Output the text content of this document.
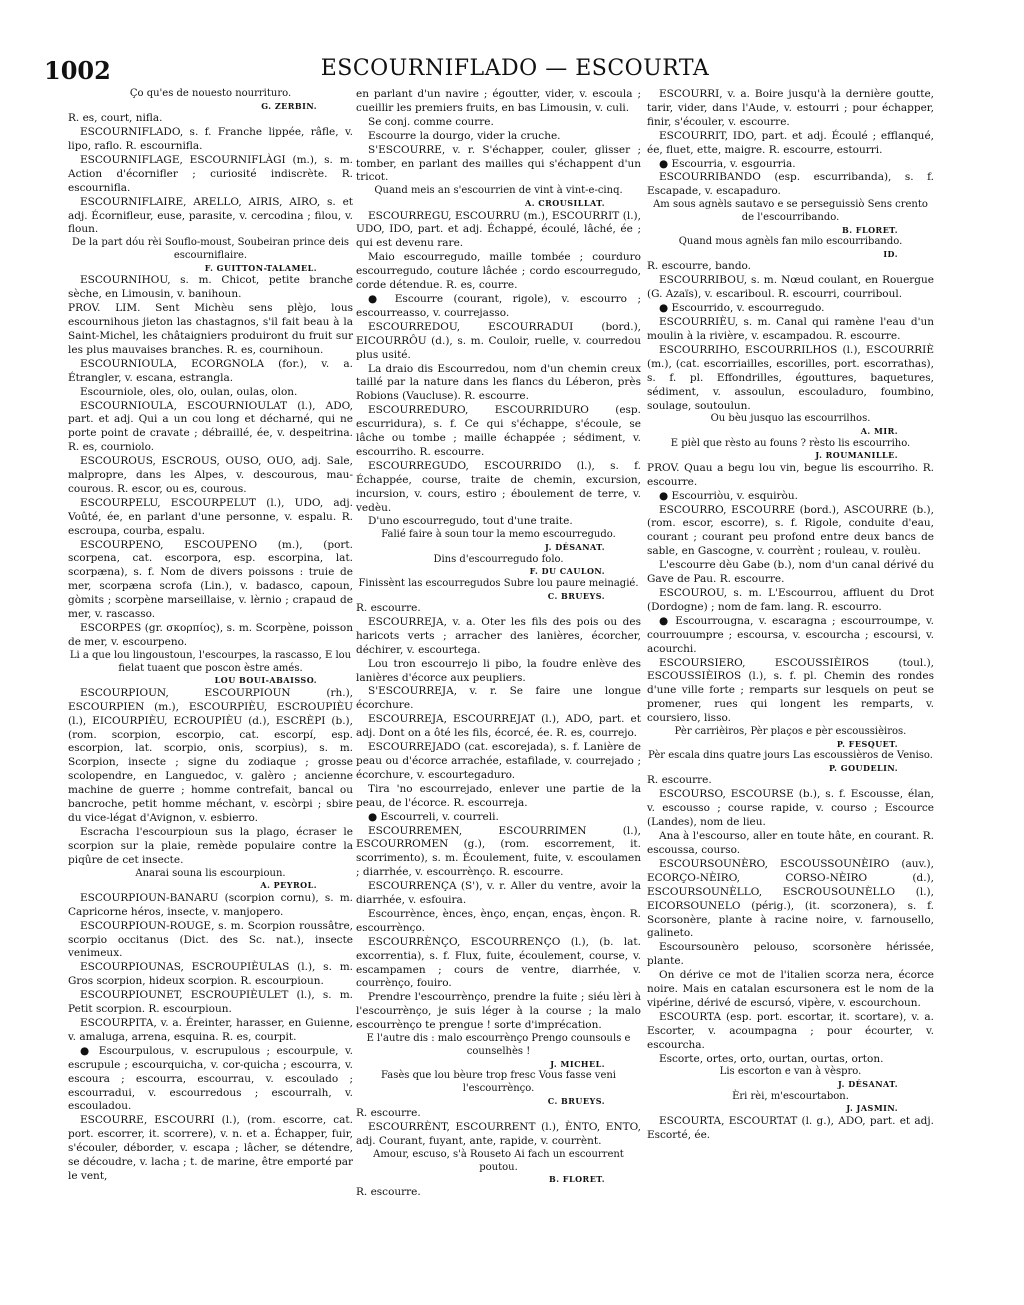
1002	ESCOURNIFLADO — ESCOURTA

Ço qu'es de nouesto nourrituro.

G. ZERBIN.

R. es, court, nifla.

ESCOURNIFLADO, s. f. Franche lippée, râfle, v. lipo, raflo. R. escournifla.

ESCOURNIFLAGE, ESCOURNIFLÀGI (m.), s. m. Action d'écornifler ; curiosité indiscrète. R. escournifla.

ESCOURNIFLAIRE, ARELLO, AIRIS, AIRO, s. et adj. Écornifleur, euse, parasite, v. cercodina ; filou, v. floun.

De la part dóu rèi Souflo-moust, Soubeiran prince deis escourniflaire.

F. GUITTON-TALAMEL.

ESCOURNIHOU, s. m. Chicot, petite branche sèche, en Limousin, v. banihoun.

PROV. LIM. Sent Michèu sens plèjo, lous escournihous jieton las chastagnos, s'il fait beau à la Saint-Michel, les châtaigniers produiront du fruit sur les plus mauvaises branches. R. es, cournihoun.

ESCOURNIOULA, ECORGNOLA (for.), v. a. Étrangler, v. escana, estrangla.

Escourniole, oles, olo, oulan, oulas, olon.

ESCOURNIOULA, ESCOURNIOULAT (l.), ADO, part. et adj. Qui a un cou long et décharné, qui ne porte point de cravate ; débraillé, ée, v. despeitrina. R. es, courniolo.

ESCOUROUS, ESCROUS, OUSO, OUO, adj. Sale, malpropre, dans les Alpes, v. descourous, mau-courous. R. escor, ou es, courous.

ESCOURPELU, ESCOURPELUT (l.), UDO, adj. Voûté, ée, en parlant d'une personne, v. espalu. R. escroupa, courba, espalu.

ESCOURPENO, ESCOUPENO (m.), (port. scorpena, cat. escorpora, esp. escorpina, lat. scorpæna), s. f. Nom de divers poissons : truie de mer, scorpæna scrofa (Lin.), v. badasco, capoun, gòmits ; scorpène marseillaise, v. lèrnio ; crapaud de mer, v. rascasso.

ESCORPES (gr. σκορπίος), s. m. Scorpène, poisson de mer, v. escourpeno.

Li a que lou lingoustoun, l'escourpes, la rascasso, E lou fielat tuaent que poscon èstre amés.

LOU BOUI-ABAISSO.

ESCOURPIOUN, ESCOURPIOUN (rh.), ESCOURPIEN (m.), ESCOURPIÈU, ESCROUPIÈU (l.), EICOURPIÈU, ECROUPIÈU (d.), ESCRÈPI (b.), (rom. scorpion, escorpio, cat. escorpí, esp. escorpion, lat. scorpio, onis, scorpius), s. m. Scorpion, insecte ; signe du zodiaque ; grosse scolopendre, en Languedoc, v. galèro ; ancienne machine de guerre ; homme contrefait, bancal ou bancroche, petit homme méchant, v. escòrpi ; sbire du vice-légat d'Avignon, v. esbierro.

Escracha l'escourpioun sus la plago, écraser le scorpion sur la plaie, remède populaire contre la piqûre de cet insecte.

Anarai souna lis escourpioun.

A. PEYROL.

ESCOURPIOUN-BANARU (scorpion cornu), s. m. Capricorne héros, insecte, v. manjopero.

ESCOURPIOUN-ROUGE, s. m. Scorpion roussâtre, scorpio occitanus (Dict. des Sc. nat.), insecte venimeux.

ESCOURPIOUNAS, ESCROUPIÈULAS (l.), s. m. Gros scorpion, hideux scorpion. R. escourpioun.

ESCOURPIOUNET, ESCROUPIÈULET (l.), s. m. Petit scorpion. R. escourpioun.

ESCOURPITA, v. a. Éreinter, harasser, en Guienne, v. amaluga, arrena, esquina. R. es, courpit.

● Escourpulous, v. escrupulous ; escourpule, v. escrupule ; escourquicha, v. cor-quicha ; escourra, v. escoura ; escourra, escourrau, v. escoulado ; escourradui, v. escourredous ; escourralh, v. escouladou.

ESCOURRE, ESCOURRI (l.), (rom. escorre, cat. port. escorrer, it. scorrere), v. n. et a. Échapper, fuir, s'écouler, déborder, v. escapa ; lâcher, se détendre, se découdre, v. lacha ; t. de marine, être emporté par le vent,

en parlant d'un navire ; égoutter, vider, v. escoula ; cueillir les premiers fruits, en bas Limousin, v. culi.

Se conj. comme courre.

Escourre la dourgo, vider la cruche.

S'ESCOURRE, v. r. S'échapper, couler, glisser ; tomber, en parlant des mailles qui s'échappent d'un tricot.

Quand meis an s'escourrien de vint à vint-e-cinq.

A. CROUSILLAT.

ESCOURREGU, ESCOURRU (m.), ESCOURRIT (l.), UDO, IDO, part. et adj. Échappé, écoulé, lâché, ée ; qui est devenu rare.

Maio escourregudo, maille tombée ; courduro escourregudo, couture lâchée ; cordo escourregudo, corde détendue. R. es, courre.

● Escourre (courant, rigole), v. escourro ; escourreasso, v. courrejasso.

ESCOURREDOU, ESCOURRADUI (bord.), EICOURRÔU (d.), s. m. Couloir, ruelle, v. courredou plus usité.

La draio dis Escourredou, nom d'un chemin creux taillé par la nature dans les flancs du Léberon, près Robions (Vaucluse). R. escourre.

ESCOURREDURO, ESCOURRIDURO (esp. escurridura), s. f. Ce qui s'échappe, s'écoule, se lâche ou tombe ; maille échappée ; sédiment, v. escourriho. R. escourre.

ESCOURREGUDO, ESCOURRIDO (l.), s. f. Échappée, course, traite de chemin, excursion, incursion, v. cours, estiro ; éboulement de terre, v. vedèu.

D'uno escourregudo, tout d'une traite.

Falié faire à soun tour la memo escourregudo.

J. DÉSANAT.

Dins d'escourregudo folo.

F. DU CAULON.

Finissènt las escourregudos Subre lou paure meinagié.

C. BRUEYS.

R. escourre.

ESCOURREJA, v. a. Oter les fils des pois ou des haricots verts ; arracher des lanières, écorcher, déchirer, v. escourtega.

Lou tron escourrejo li pibo, la foudre enlève des lanières d'écorce aux peupliers.

S'ESCOURREJA, v. r. Se faire une longue écorchure.

ESCOURREJA, ESCOURREJAT (l.), ADO, part. et adj. Dont on a ôté les fils, écorcé, ée. R. es, courrejo.

ESCOURREJADO (cat. escorejada), s. f. Lanière de peau ou d'écorce arrachée, estafilade, v. courrejado ; écorchure, v. escourtegaduro.

Tira 'no escourrejado, enlever une partie de la peau, de l'écorce. R. escourreja.

● Escourreli, v. courreli.

ESCOURREMEN, ESCOURRIMEN (l.), ESCOURROMEN (g.), (rom. escorrement, it. scorrimento), s. m. Écoulement, fuite, v. escoulamen ; diarrhée, v. escourrènço. R. escourre.

ESCOURRENÇA (S'), v. r. Aller du ventre, avoir la diarrhée, v. esfouira.

Escourrènce, ènces, ènço, ençan, enças, ènçon. R. escourrènço.

ESCOURRÈNÇO, ESCOURRENÇO (l.), (b. lat. excorrentia), s. f. Flux, fuite, écoulement, course, v. escampamen ; cours de ventre, diarrhée, v. courrènço, fouiro.

Prendre l'escourrènço, prendre la fuite ; siéu lèri à l'escourrènço, je suis léger à la course ; la malo escourrènço te prengue ! sorte d'imprécation.

E l'autre dis : malo escourrènço Prengo counsouls e counselhès !

J. MICHEL.

Fasès que lou bèure trop fresc Vous fasse veni l'escourrènço.

C. BRUEYS.

R. escourre.

ESCOURRÈNT, ESCOURRENT (l.), ÈNTO, ENTO, adj. Courant, fuyant, ante, rapide, v. courrènt.

Amour, escuso, s'à Rouseto Ai fach un escourrent poutou.

B. FLORET.

R. escourre.

ESCOURRI, v. a. Boire jusqu'à la dernière goutte, tarir, vider, dans l'Aude, v. estourri ; pour échapper, finir, s'écouler, v. escourre.

ESCOURRIT, IDO, part. et adj. Écoulé ; efflanqué, ée, fluet, ette, maigre. R. escourre, estourri.

● Escourria, v. esgourria.

ESCOURRIBANDO (esp. escurribanda), s. f. Escapade, v. escapaduro.

Am sous agnèls sautavo e se perseguissiò Sens crento de l'escourribando.

B. FLORET.

Quand mous agnèls fan milo escourribando.

ID.

R. escourre, bando.

ESCOURRIBOU, s. m. Nœud coulant, en Rouergue (G. Azaïs), v. escariboul. R. escourri, courriboul.

● Escourrido, v. escourregudo.

ESCOURRIÈU, s. m. Canal qui ramène l'eau d'un moulin à la rivière, v. escampadou. R. escourre.

ESCOURRIHO, ESCOURRILHOS (l.), ESCOURRIÈ (m.), (cat. escorriailles, escorilles, port. escorrathas), s. f. pl. Effondrilles, égouttures, baquetures, sédiment, v. assoulun, escouladuro, foumbino, soulage, soutoulun.

Ou bèu jusquo las escourrilhos.

A. MIR.

E pièl que rèsto au founs ? rèsto lis escourriho.

J. ROUMANILLE.

PROV. Quau a begu lou vin, begue lis escourriho. R. escourre.

● Escourriòu, v. esquiròu.

ESCOURRO, ESCOURRE (bord.), ASCOURRE (b.), (rom. escor, escorre), s. f. Rigole, conduite d'eau, courant ; courant peu profond entre deux bancs de sable, en Gascogne, v. courrènt ; rouleau, v. roulèu.

L'escourre dèu Gabe (b.), nom d'un canal dérivé du Gave de Pau. R. escourre.

ESCOUROU, s. m. L'Escourrou, affluent du Drot (Dordogne) ; nom de fam. lang. R. escourro.

● Escourrougna, v. escaragna ; escourroumpe, v. courrouumpre ; escoursa, v. escourcha ; escoursi, v. acourchi.

ESCOURSIERO, ESCOUSSIÈIROS (toul.), ESCOUSSIÈIROS (l.), s. f. pl. Chemin des rondes d'une ville forte ; remparts sur lesquels on peut se promener, rues qui longent les remparts, v. coursiero, lisso.

Pèr carrièiros, Pèr plaços e pèr escoussièiros.

P. FESQUET.

Pèr escala dins quatre jours Las escoussièros de Veniso.

P. GOUDELIN.

R. escourre.

ESCOURSO, ESCOURSE (b.), s. f. Escousse, élan, v. escousso ; course rapide, v. courso ; Escource (Landes), nom de lieu.

Ana à l'escourso, aller en toute hâte, en courant. R. escoussa, courso.

ESCOURSOUNÈRO, ESCOUSSOUNÈIRO (auv.), ECORÇO-NÈIRO, CORSO-NÈIRO (d.), ESCOURSOUNÈLLO, ESCROUSOUNÈLLO (l.), EICORSOUNELO (périg.), (it. scorzonera), s. f. Scorsonère, plante à racine noire, v. farnousello, galineto.

Escoursounèro pelouso, scorsonère hérissée, plante.

On dérive ce mot de l'italien scorza nera, écorce noire. Mais en catalan escursonera est le nom de la vipérine, dérivé de escursó, vipère, v. escourchoun.

ESCOURTA (esp. port. escortar, it. scortare), v. a. Escorter, v. acoumpagna ; pour écourter, v. escourcha.

Escorte, ortes, orto, ourtan, ourtas, orton.

Lis escorton e van à vèspro.

J. DÉSANAT.

Èri rèi, m'escourtabon.

J. JASMIN.

ESCOURTA, ESCOURTAT (l. g.), ADO, part. et adj. Escorté, ée.
